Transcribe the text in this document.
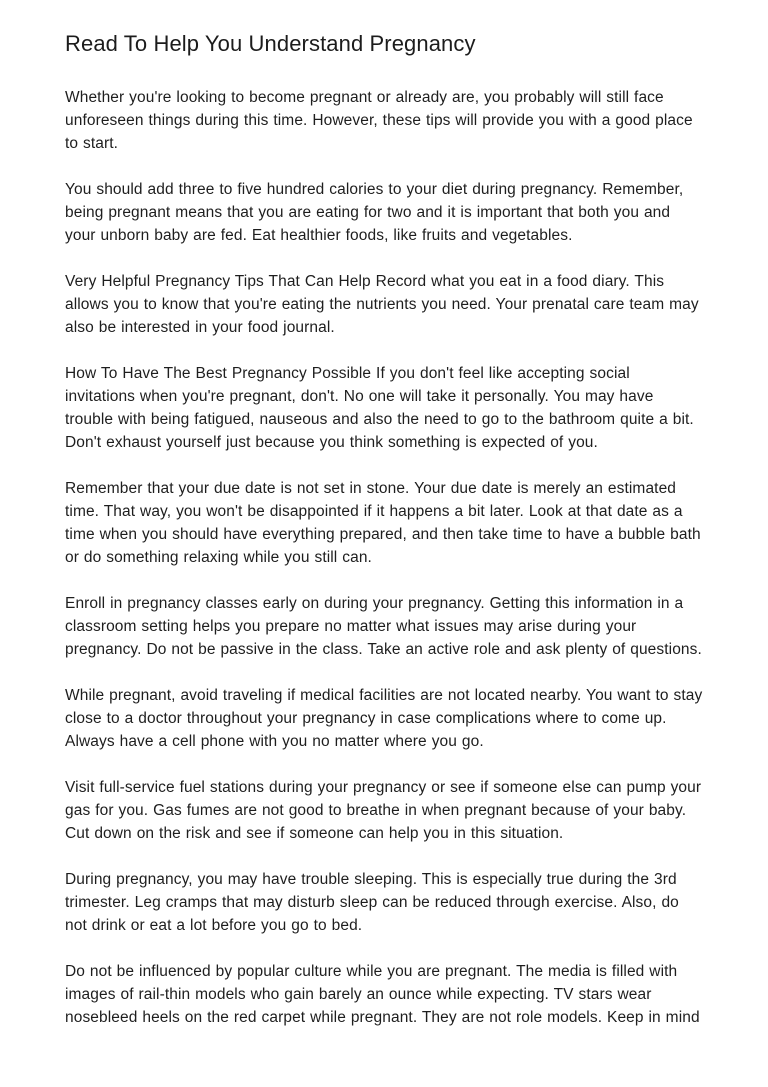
Read To Help You Understand Pregnancy

Whether you're looking to become pregnant or already are, you probably will still face unforeseen things during this time. However, these tips will provide you with a good place to start.

You should add three to five hundred calories to your diet during pregnancy. Remember, being pregnant means that you are eating for two and it is important that both you and your unborn baby are fed. Eat healthier foods, like fruits and vegetables.

Very Helpful Pregnancy Tips That Can Help Record what you eat in a food diary. This allows you to know that you're eating the nutrients you need. Your prenatal care team may also be interested in your food journal.

How To Have The Best Pregnancy Possible If you don't feel like accepting social invitations when you're pregnant, don't. No one will take it personally. You may have trouble with being fatigued, nauseous and also the need to go to the bathroom quite a bit. Don't exhaust yourself just because you think something is expected of you.

Remember that your due date is not set in stone. Your due date is merely an estimated time. That way, you won't be disappointed if it happens a bit later. Look at that date as a time when you should have everything prepared, and then take time to have a bubble bath or do something relaxing while you still can.

Enroll in pregnancy classes early on during your pregnancy. Getting this information in a classroom setting helps you prepare no matter what issues may arise during your pregnancy. Do not be passive in the class. Take an active role and ask plenty of questions.

While pregnant, avoid traveling if medical facilities are not located nearby. You want to stay close to a doctor throughout your pregnancy in case complications where to come up. Always have a cell phone with you no matter where you go.

Visit full-service fuel stations during your pregnancy or see if someone else can pump your gas for you. Gas fumes are not good to breathe in when pregnant because of your baby. Cut down on the risk and see if someone can help you in this situation.

During pregnancy, you may have trouble sleeping. This is especially true during the 3rd trimester. Leg cramps that may disturb sleep can be reduced through exercise. Also, do not drink or eat a lot before you go to bed.

Do not be influenced by popular culture while you are pregnant. The media is filled with images of rail-thin models who gain barely an ounce while expecting. TV stars wear nosebleed heels on the red carpet while pregnant. They are not role models. Keep in mind
